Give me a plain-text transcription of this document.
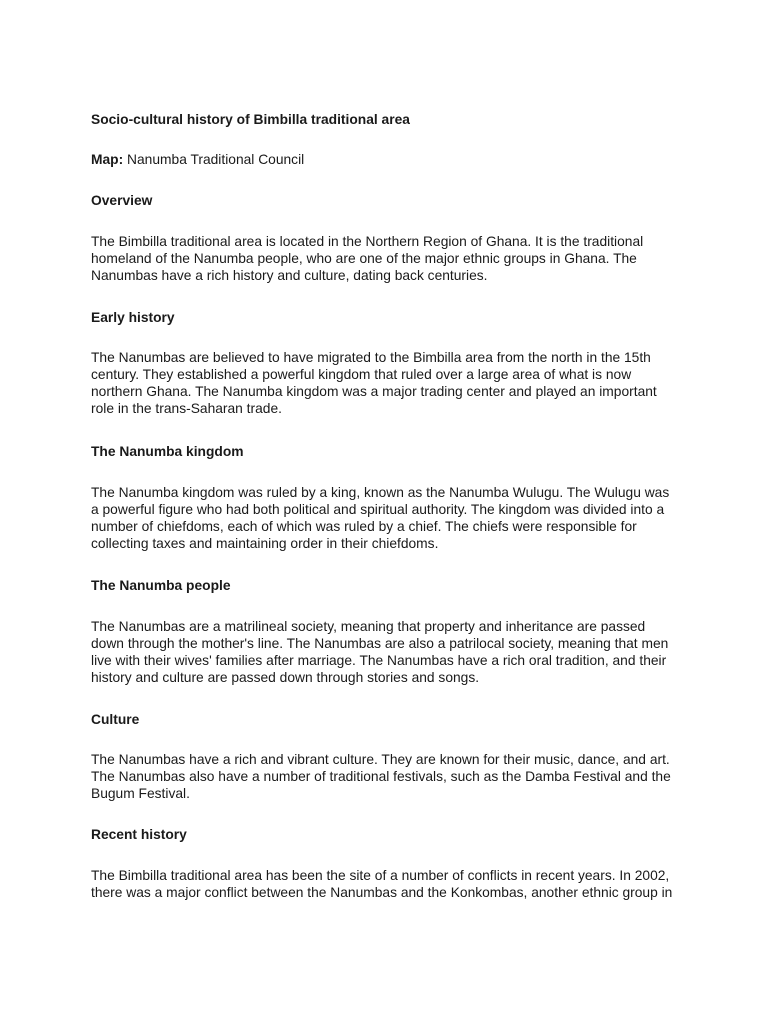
Socio-cultural history of Bimbilla traditional area
Map: Nanumba Traditional Council
Overview
The Bimbilla traditional area is located in the Northern Region of Ghana. It is the traditional
homeland of the Nanumba people, who are one of the major ethnic groups in Ghana. The
Nanumbas have a rich history and culture, dating back centuries.
Early history
The Nanumbas are believed to have migrated to the Bimbilla area from the north in the 15th
century. They established a powerful kingdom that ruled over a large area of what is now
northern Ghana. The Nanumba kingdom was a major trading center and played an important
role in the trans-Saharan trade.
The Nanumba kingdom
The Nanumba kingdom was ruled by a king, known as the Nanumba Wulugu. The Wulugu was
a powerful figure who had both political and spiritual authority. The kingdom was divided into a
number of chiefdoms, each of which was ruled by a chief. The chiefs were responsible for
collecting taxes and maintaining order in their chiefdoms.
The Nanumba people
The Nanumbas are a matrilineal society, meaning that property and inheritance are passed
down through the mother's line. The Nanumbas are also a patrilocal society, meaning that men
live with their wives' families after marriage. The Nanumbas have a rich oral tradition, and their
history and culture are passed down through stories and songs.
Culture
The Nanumbas have a rich and vibrant culture. They are known for their music, dance, and art.
The Nanumbas also have a number of traditional festivals, such as the Damba Festival and the
Bugum Festival.
Recent history
The Bimbilla traditional area has been the site of a number of conflicts in recent years. In 2002,
there was a major conflict between the Nanumbas and the Konkombas, another ethnic group in
